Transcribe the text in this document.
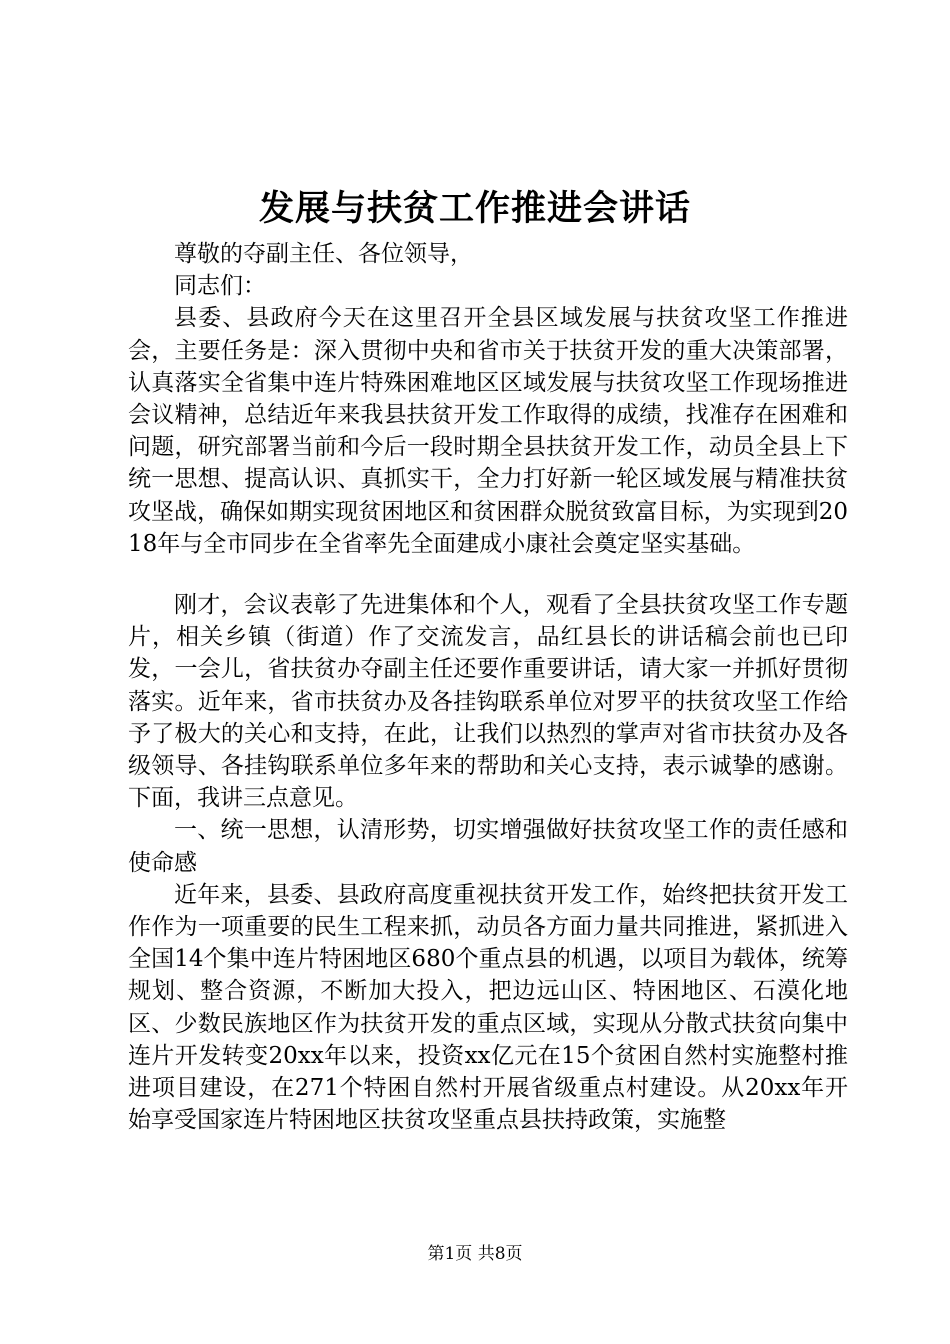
发展与扶贫工作推进会讲话

尊敬的夺副主任、各位领导，

同志们：

县委、县政府今天在这里召开全县区域发展与扶贫攻坚工作推进会，主要任务是：深入贯彻中央和省市关于扶贫开发的重大决策部署，认真落实全省集中连片特殊困难地区区域发展与扶贫攻坚工作现场推进会议精神，总结近年来我县扶贫开发工作取得的成绩，找准存在困难和问题，研究部署当前和今后一段时期全县扶贫开发工作，动员全县上下统一思想、提高认识、真抓实干，全力打好新一轮区域发展与精准扶贫攻坚战，确保如期实现贫困地区和贫困群众脱贫致富目标，为实现到2018年与全市同步在全省率先全面建成小康社会奠定坚实基础。

刚才，会议表彰了先进集体和个人，观看了全县扶贫攻坚工作专题片，相关乡镇（街道）作了交流发言，品红县长的讲话稿会前也已印发，一会儿，省扶贫办夺副主任还要作重要讲话，请大家一并抓好贯彻落实。近年来，省市扶贫办及各挂钩联系单位对罗平的扶贫攻坚工作给予了极大的关心和支持，在此，让我们以热烈的掌声对省市扶贫办及各级领导、各挂钩联系单位多年来的帮助和关心支持，表示诚挚的感谢。下面，我讲三点意见。

一、统一思想，认清形势，切实增强做好扶贫攻坚工作的责任感和使命感

近年来，县委、县政府高度重视扶贫开发工作，始终把扶贫开发工作作为一项重要的民生工程来抓，动员各方面力量共同推进，紧抓进入全国14个集中连片特困地区680个重点县的机遇，以项目为载体，统筹规划、整合资源，不断加大投入，把边远山区、特困地区、石漠化地区、少数民族地区作为扶贫开发的重点区域，实现从分散式扶贫向集中连片开发转变20xx年以来，投资xx亿元在15个贫困自然村实施整村推进项目建设，在271个特困自然村开展省级重点村建设。从20xx年开始享受国家连片特困地区扶贫攻坚重点县扶持政策，实施整

第1页 共8页
